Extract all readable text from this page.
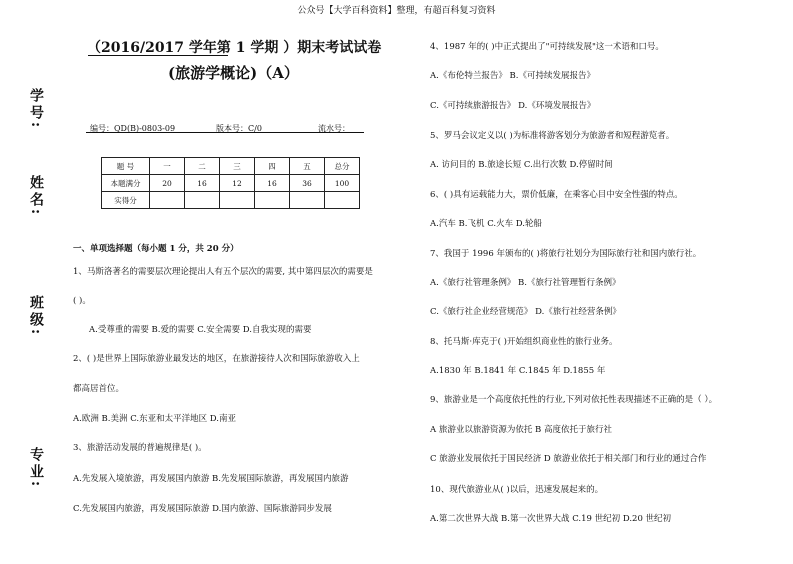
公众号【大学百科资料】整理，有超百科复习资料
学号:
姓名:
班级:
专业:
（2016/2017 学年第 1 学期 ）期末考试试卷
(旅游学概论)（A）
编号：QD(B)-0803-09	版本号：C/0	流水号：
题 号	一	二	三	四	五	总分
本题满分	20	16	12	16	36	100
实得分						
一、单项选择题（每小题 1 分，共 20 分）
1、马斯洛著名的需要层次理论提出人有五个层次的需要, 其中第四层次的需要是
( )。
A.受尊重的需要 B.爱的需要 C.安全需要 D.自我实现的需要
2、( )是世界上国际旅游业最发达的地区，在旅游接待人次和国际旅游收入上
都高居首位。
A.欧洲 B.美洲 C.东亚和太平洋地区 D.南亚
3、旅游活动发展的普遍规律是( )。
A.先发展入境旅游，再发展国内旅游 B.先发展国际旅游，再发展国内旅游
C.先发展国内旅游，再发展国际旅游 D.国内旅游、国际旅游同步发展
4、1987 年的( )中正式提出了"可持续发展"这一术语和口号。
A.《布伦特兰报告》 B.《可持续发展报告》
C.《可持续旅游报告》 D.《环境发展报告》
5、罗马会议定义以( )为标准将游客划分为旅游者和短程游览者。
A. 访问目的 B.旅途长短 C.出行次数 D.停留时间
6、( )具有运载能力大，票价低廉，在乘客心目中安全性强的特点。
A.汽车 B.飞机 C.火车 D.轮船
7、我国于 1996 年颁布的( )将旅行社划分为国际旅行社和国内旅行社。
A.《旅行社管理条例》 B.《旅行社管理暂行条例》
C.《旅行社企业经营规范》 D.《旅行社经营条例》
8、托马斯·库克于( )开始组织商业性的旅行业务。
A.1830 年 B.1841 年 C.1845 年 D.1855 年
9、旅游业是一个高度依托性的行业,下列对依托性表现描述不正确的是（ ）。
A 旅游业以旅游资源为依托 B 高度依托于旅行社
C 旅游业发展依托于国民经济 D 旅游业依托于相关部门和行业的通过合作
10、现代旅游业从( )以后，迅速发展起来的。
A.第二次世界大战 B.第一次世界大战 C.19 世纪初 D.20 世纪初
